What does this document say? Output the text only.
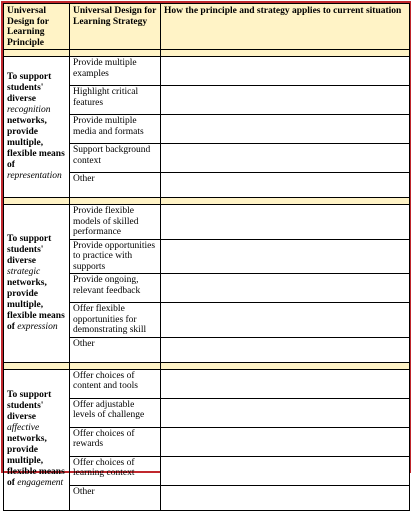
Universal Design for Learning Principle	Universal Design for Learning Strategy	How the principle and strategy applies to current situation

To support students' diverse recognition networks, provide multiple, flexible means of representation	Provide multiple examples	
	Highlight critical features	
	Provide multiple media and formats	
	Support background context	
	Other	

To support students' diverse strategic networks, provide multiple, flexible means of expression	Provide flexible models of skilled performance	
	Provide opportunities to practice with supports	
	Provide ongoing, relevant feedback	
	Offer flexible opportunities for demonstrating skill	
	Other	

To support students' diverse affective networks, provide multiple, flexible means of engagement	Offer choices of content and tools	
	Offer adjustable levels of challenge	
	Offer choices of rewards	
	Offer choices of learning context	
	Other	
